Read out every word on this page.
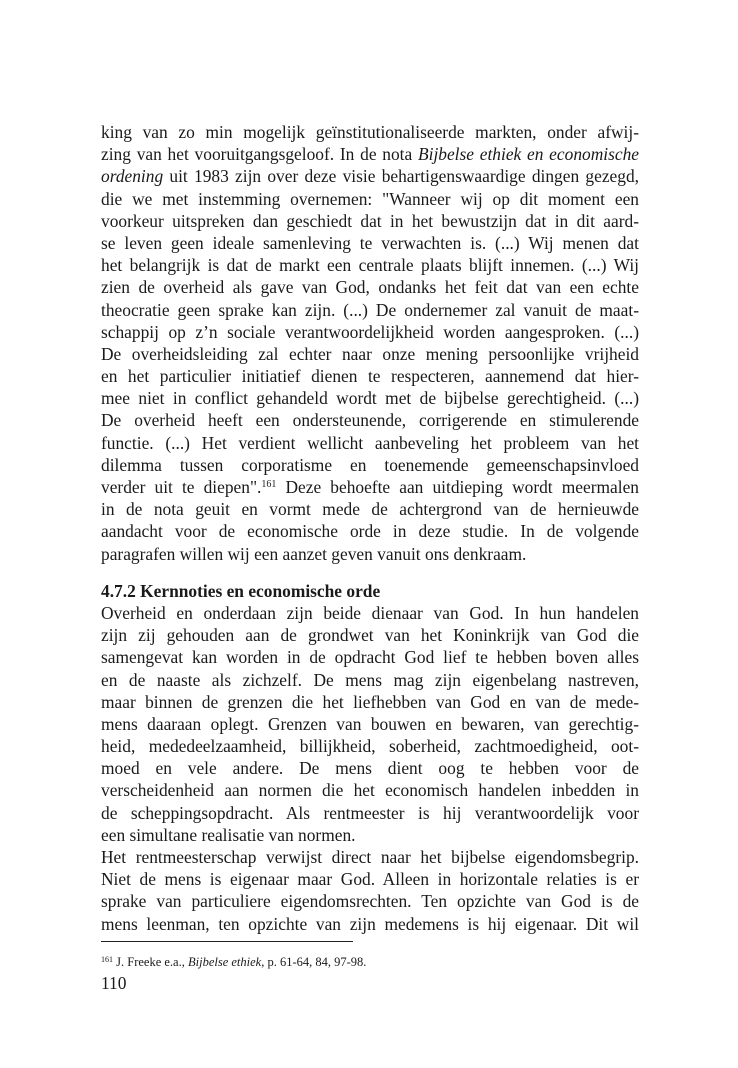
king van zo min mogelijk geïnstitutionaliseerde markten, onder afwij-
zing van het vooruitgangsgeloof. In de nota Bijbelse ethiek en economische
ordening uit 1983 zijn over deze visie behartigenswaardige dingen gezegd,
die we met instemming overnemen: "Wanneer wij op dit moment een
voorkeur uitspreken dan geschiedt dat in het bewustzijn dat in dit aard-
se leven geen ideale samenleving te verwachten is. (...) Wij menen dat
het belangrijk is dat de markt een centrale plaats blijft innemen. (...) Wij
zien de overheid als gave van God, ondanks het feit dat van een echte
theocratie geen sprake kan zijn. (...) De ondernemer zal vanuit de maat-
schappij op z’n sociale verantwoordelijkheid worden aangesproken. (...)
De overheidsleiding zal echter naar onze mening persoonlijke vrijheid
en het particulier initiatief dienen te respecteren, aannemend dat hier-
mee niet in conflict gehandeld wordt met de bijbelse gerechtigheid. (...)
De overheid heeft een ondersteunende, corrigerende en stimulerende
functie. (...) Het verdient wellicht aanbeveling het probleem van het
dilemma tussen corporatisme en toenemende gemeenschapsinvloed
verder uit te diepen".$^{161}$ Deze behoefte aan uitdieping wordt meermalen
in de nota geuit en vormt mede de achtergrond van de hernieuwde
aandacht voor de economische orde in deze studie. In de volgende
paragrafen willen wij een aanzet geven vanuit ons denkraam.
4.7.2 Kernnoties en economische orde
Overheid en onderdaan zijn beide dienaar van God. In hun handelen
zijn zij gehouden aan de grondwet van het Koninkrijk van God die
samengevat kan worden in de opdracht God lief te hebben boven alles
en de naaste als zichzelf. De mens mag zijn eigenbelang nastreven,
maar binnen de grenzen die het liefhebben van God en van de mede-
mens daaraan oplegt. Grenzen van bouwen en bewaren, van gerechtig-
heid, mededeelzaamheid, billijkheid, soberheid, zachtmoedigheid, oot-
moed en vele andere. De mens dient oog te hebben voor de
verscheidenheid aan normen die het economisch handelen inbedden in
de scheppingsopdracht. Als rentmeester is hij verantwoordelijk voor
een simultane realisatie van normen.
Het rentmeesterschap verwijst direct naar het bijbelse eigendomsbegrip.
Niet de mens is eigenaar maar God. Alleen in horizontale relaties is er
sprake van particuliere eigendomsrechten. Ten opzichte van God is de
mens leenman, ten opzichte van zijn medemens is hij eigenaar. Dit wil
$^{161}$ J. Freeke e.a., Bijbelse ethiek, p. 61-64, 84, 97-98.
110
